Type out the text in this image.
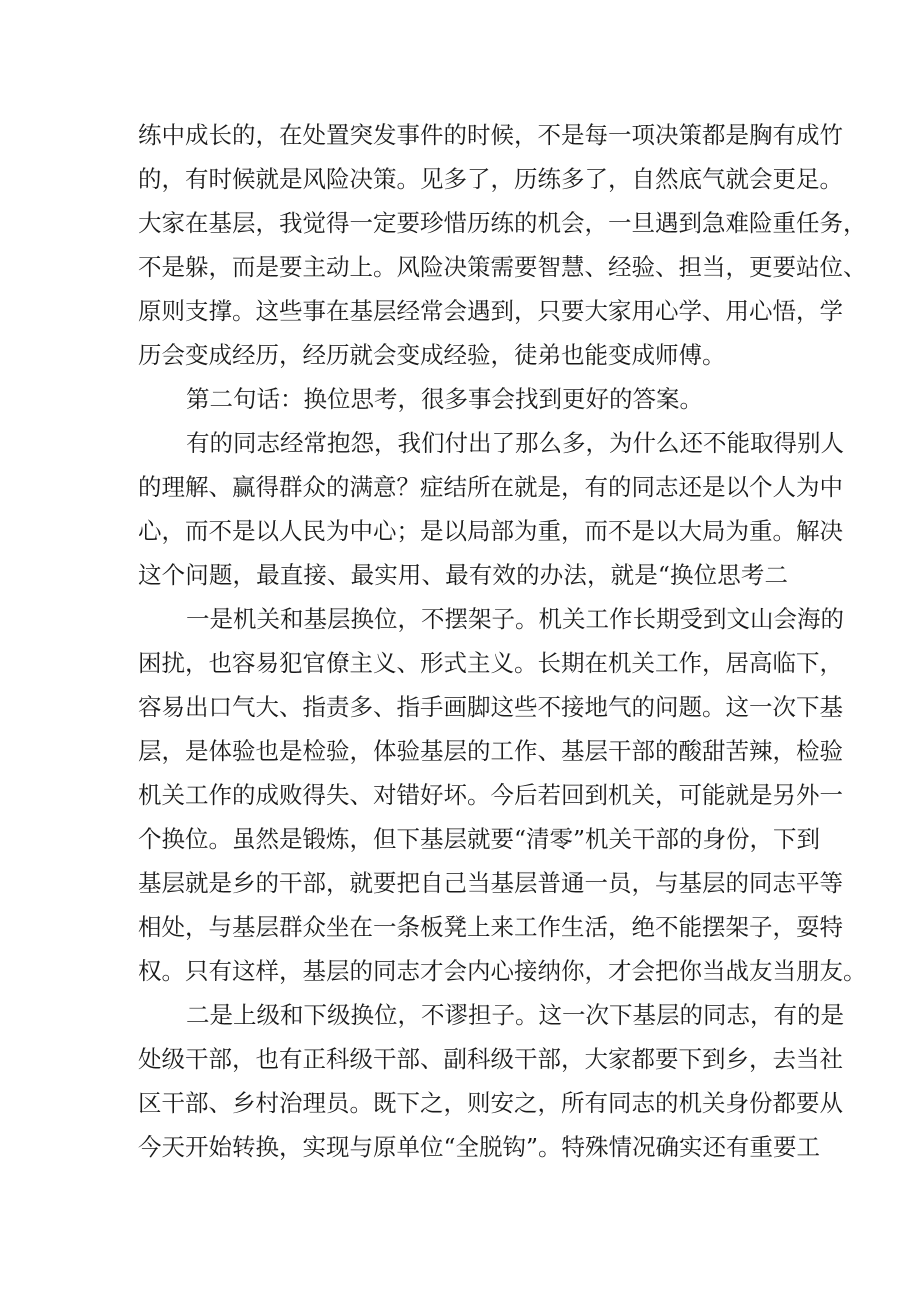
练中成长的，在处置突发事件的时候，不是每一项决策都是胸有成竹
的，有时候就是风险决策。见多了，历练多了，自然底气就会更足。
大家在基层，我觉得一定要珍惜历练的机会，一旦遇到急难险重任务，
不是躲，而是要主动上。风险决策需要智慧、经验、担当，更要站位、
原则支撑。这些事在基层经常会遇到，只要大家用心学、用心悟，学
历会变成经历，经历就会变成经验，徒弟也能变成师傅。
第二句话：换位思考，很多事会找到更好的答案。
有的同志经常抱怨，我们付出了那么多，为什么还不能取得别人
的理解、赢得群众的满意？症结所在就是，有的同志还是以个人为中
心，而不是以人民为中心；是以局部为重，而不是以大局为重。解决
这个问题，最直接、最实用、最有效的办法，就是“换位思考二
一是机关和基层换位，不摆架子。机关工作长期受到文山会海的
困扰，也容易犯官僚主义、形式主义。长期在机关工作，居高临下，
容易出口气大、指责多、指手画脚这些不接地气的问题。这一次下基
层，是体验也是检验，体验基层的工作、基层干部的酸甜苦辣，检验
机关工作的成败得失、对错好坏。今后若回到机关，可能就是另外一
个换位。虽然是锻炼，但下基层就要“清零”机关干部的身份，下到
基层就是乡的干部，就要把自己当基层普通一员，与基层的同志平等
相处，与基层群众坐在一条板凳上来工作生活，绝不能摆架子，耍特
权。只有这样，基层的同志才会内心接纳你，才会把你当战友当朋友。
二是上级和下级换位，不谬担子。这一次下基层的同志，有的是
处级干部，也有正科级干部、副科级干部，大家都要下到乡，去当社
区干部、乡村治理员。既下之，则安之，所有同志的机关身份都要从
今天开始转换，实现与原单位“全脱钩”。特殊情况确实还有重要工
